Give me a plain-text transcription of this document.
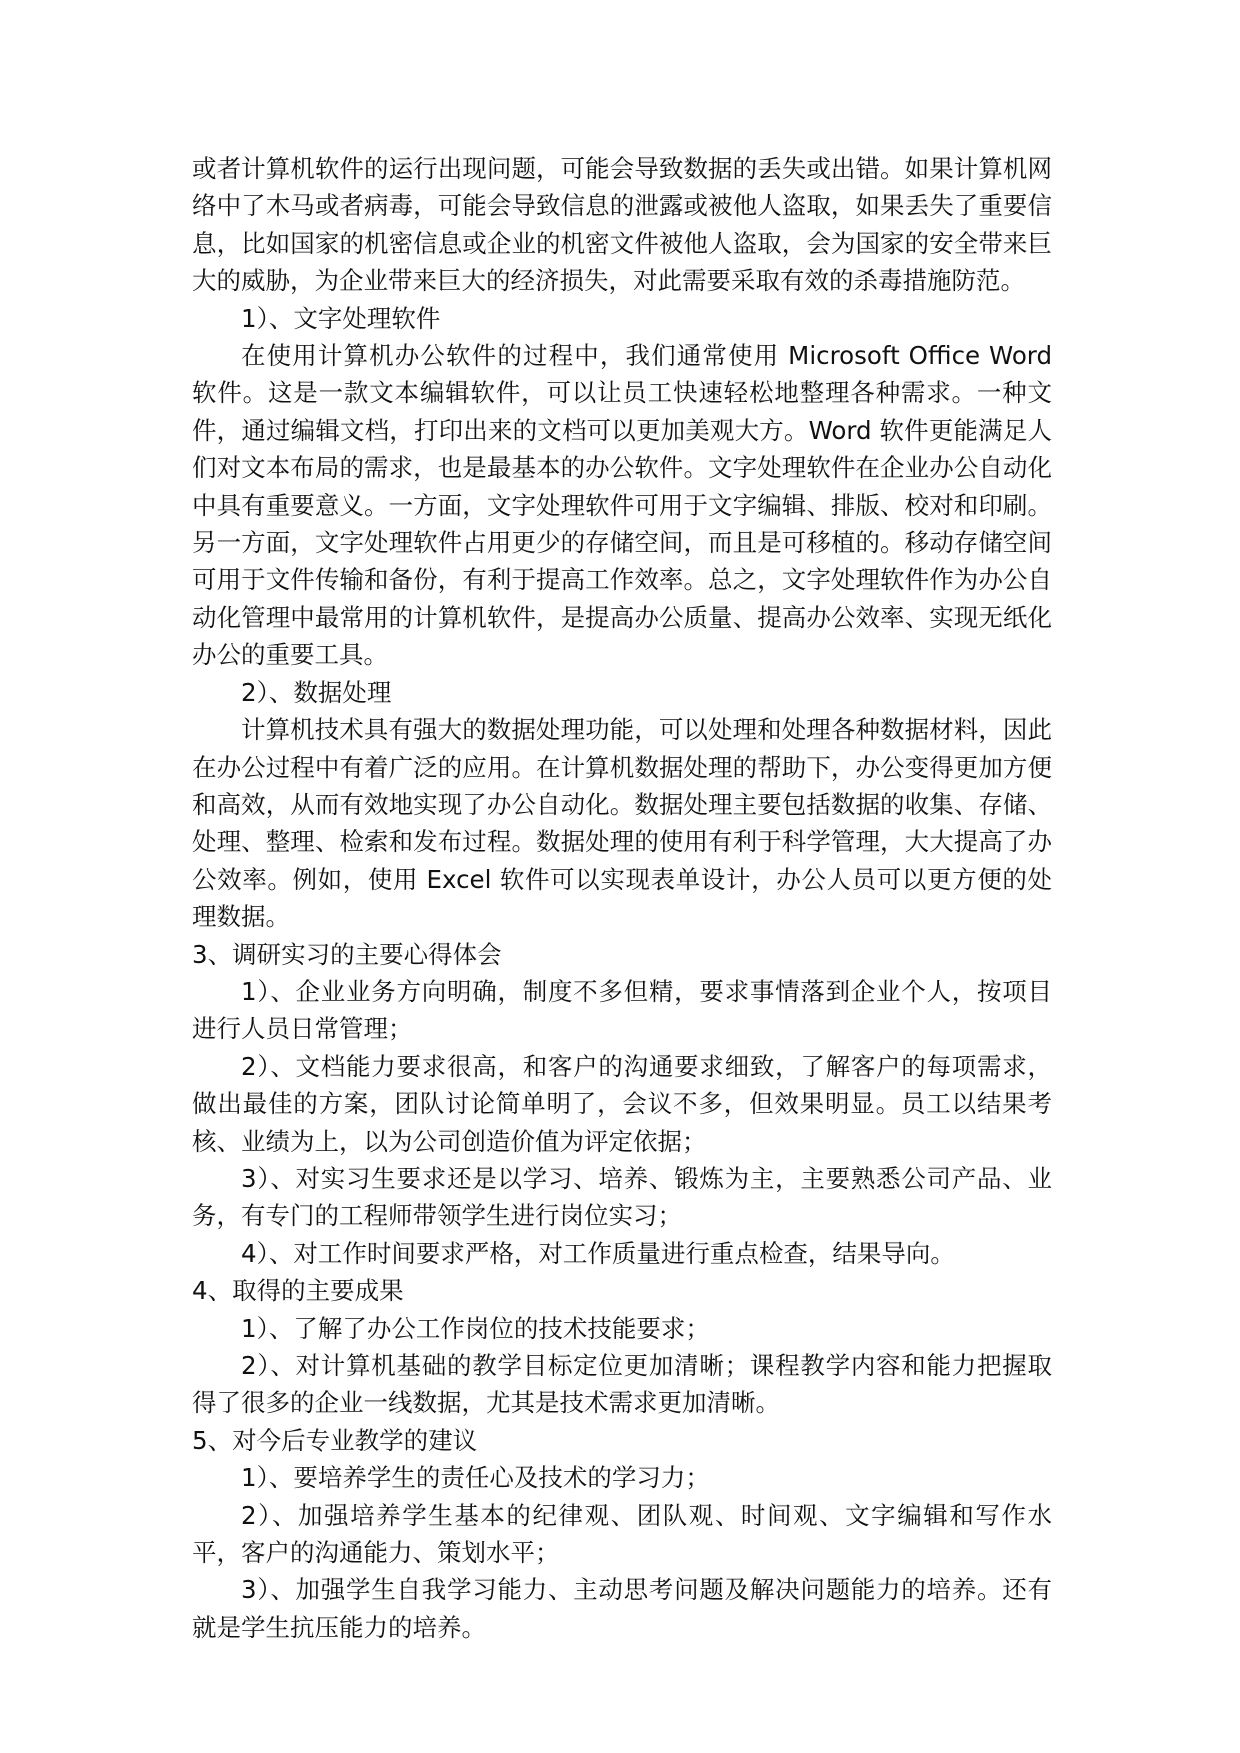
或者计算机软件的运行出现问题，可能会导致数据的丢失或出错。如果计算机网络中了木马或者病毒，可能会导致信息的泄露或被他人盗取，如果丢失了重要信息，比如国家的机密信息或企业的机密文件被他人盗取，会为国家的安全带来巨大的威胁，为企业带来巨大的经济损失，对此需要采取有效的杀毒措施防范。

1）、文字处理软件

在使用计算机办公软件的过程中，我们通常使用 Microsoft Office Word 软件。这是一款文本编辑软件，可以让员工快速轻松地整理各种需求。一种文件，通过编辑文档，打印出来的文档可以更加美观大方。Word 软件更能满足人们对文本布局的需求，也是最基本的办公软件。文字处理软件在企业办公自动化中具有重要意义。一方面，文字处理软件可用于文字编辑、排版、校对和印刷。另一方面，文字处理软件占用更少的存储空间，而且是可移植的。移动存储空间可用于文件传输和备份，有利于提高工作效率。总之，文字处理软件作为办公自动化管理中最常用的计算机软件，是提高办公质量、提高办公效率、实现无纸化办公的重要工具。

2）、数据处理

计算机技术具有强大的数据处理功能，可以处理和处理各种数据材料，因此在办公过程中有着广泛的应用。在计算机数据处理的帮助下，办公变得更加方便和高效，从而有效地实现了办公自动化。数据处理主要包括数据的收集、存储、处理、整理、检索和发布过程。数据处理的使用有利于科学管理，大大提高了办公效率。例如，使用 Excel 软件可以实现表单设计，办公人员可以更方便的处理数据。

3、调研实习的主要心得体会

1）、企业业务方向明确，制度不多但精，要求事情落到企业个人，按项目进行人员日常管理；

2）、文档能力要求很高，和客户的沟通要求细致，了解客户的每项需求，做出最佳的方案，团队讨论简单明了，会议不多，但效果明显。员工以结果考核、业绩为上，以为公司创造价值为评定依据；

3）、对实习生要求还是以学习、培养、锻炼为主，主要熟悉公司产品、业务，有专门的工程师带领学生进行岗位实习；

4）、对工作时间要求严格，对工作质量进行重点检查，结果导向。

4、取得的主要成果

1）、了解了办公工作岗位的技术技能要求；

2）、对计算机基础的教学目标定位更加清晰；课程教学内容和能力把握取得了很多的企业一线数据，尤其是技术需求更加清晰。

5、对今后专业教学的建议

1）、要培养学生的责任心及技术的学习力；

2）、加强培养学生基本的纪律观、团队观、时间观、文字编辑和写作水平，客户的沟通能力、策划水平；

3）、加强学生自我学习能力、主动思考问题及解决问题能力的培养。还有就是学生抗压能力的培养。
